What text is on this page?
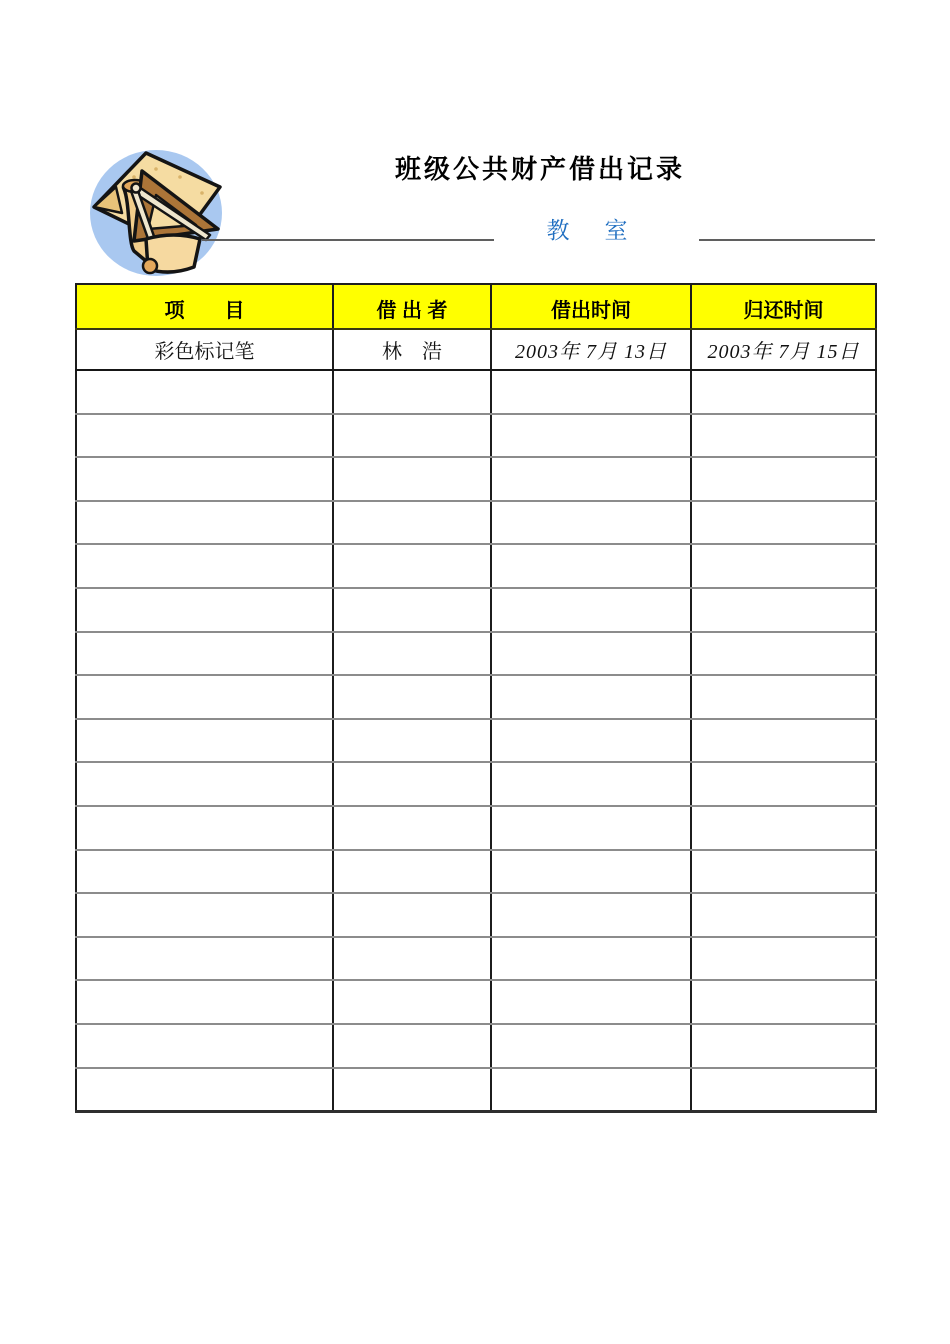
班级公共财产借出记录
教　室
项　　目	借 出 者	借出时间	归还时间
彩色标记笔	林　浩	2003年 7月 13日	2003年 7月 15日
